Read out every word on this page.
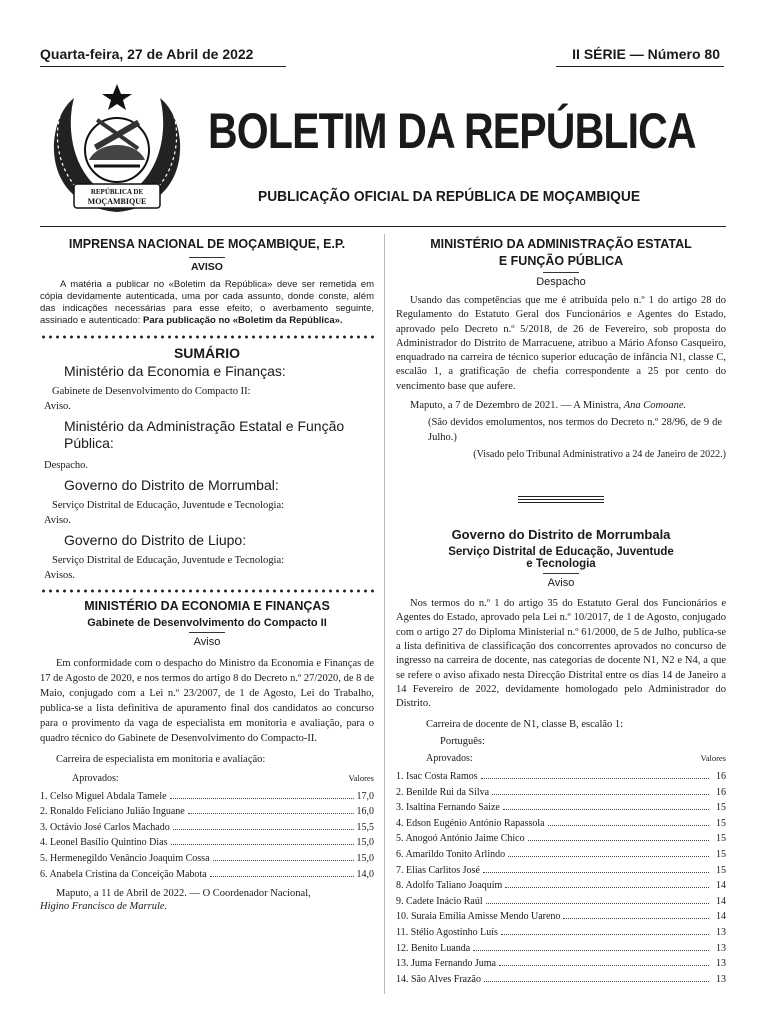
Quarta-feira, 27 de Abril de 2022	II SÉRIE — Número 80
REPÚBLICA DE
MOÇAMBIQUE
BOLETIM DA REPÚBLICA
PUBLICAÇÃO OFICIAL DA REPÚBLICA DE MOÇAMBIQUE
IMPRENSA NACIONAL DE MOÇAMBIQUE, E.P.
AVISO
A matéria a publicar no «Boletim da República» deve ser remetida em cópia devidamente autenticada, uma por cada assunto, donde conste, além das indicações necessárias para esse efeito, o averbamento seguinte, assinado e autenticado: Para publicação no «Boletim da República».
SUMÁRIO
Ministério da Economia e Finanças:
Gabinete de Desenvolvimento do Compacto II:
Aviso.
Ministério da Administração Estatal e Função Pública:
Despacho.
Governo do Distrito de Morrumbal:
Serviço Distrital de Educação, Juventude e Tecnologia:
Aviso.
Governo do Distrito de Liupo:
Serviço Distrital de Educação, Juventude e Tecnologia:
Avisos.
MINISTÉRIO DA ECONOMIA E FINANÇAS
Gabinete de Desenvolvimento do Compacto II
Aviso
Em conformidade com o despacho do Ministro da Economia e Finanças de 17 de Agosto de 2020, e nos termos do artigo 8 do Decreto n.º 27/2020, de 8 de Maio, conjugado com a Lei n.º 23/2007, de 1 de Agosto, Lei do Trabalho, publica-se a lista definitiva de apuramento final dos candidatos ao concurso para o provimento da vaga de especialista em monitoria e avaliação, para o quadro técnico do Gabinete de Desenvolvimento do Compacto-II.
Carreira de especialista em monitoria e avaliação:
Aprovados:	Valores
1. Celso Miguel Abdala Tamele	17,0
2. Ronaldo Feliciano Julião Inguane	16,0
3. Octávio José Carlos Machado	15,5
4. Leonel Basílio Quintino Dias	15,0
5. Hermenegildo Venâncio Joaquim Cossa	15,0
6. Anabela Cristina da Conceição Mabota	14,0
Maputo, a 11 de Abril de 2022. — O Coordenador Nacional,
Higino Francisco de Marrule.
MINISTÉRIO DA ADMINISTRAÇÃO ESTATAL
E FUNÇÃO PÚBLICA
Despacho
Usando das competências que me é atribuída pelo n.º 1 do artigo 28 do Regulamento do Estatuto Geral dos Funcionários e Agentes do Estado, aprovado pelo Decreto n.º 5/2018, de 26 de Fevereiro, sob proposta do Administrador do Distrito de Marracuene, atribuo a Mário Afonso Casqueiro, enquadrado na carreira de técnico superior educação de infância N1, classe C, escalão 1, a gratificação de chefia correspondente a 25 por cento do vencimento base que aufere.
Maputo, a 7 de Dezembro de 2021. — A Ministra, Ana Comoane.
(São devidos emolumentos, nos termos do Decreto n.º 28/96, de 9 de Julho.)
(Visado pelo Tribunal Administrativo a 24 de Janeiro de 2022.)
Governo do Distrito de Morrumbala
Serviço Distrital de Educação, Juventude
e Tecnologia
Aviso
Nos termos do n.º 1 do artigo 35 do Estatuto Geral dos Funcionários e Agentes do Estado, aprovado pela Lei n.º 10/2017, de 1 de Agosto, conjugado com o artigo 27 do Diploma Ministerial n.º 61/2000, de 5 de Julho, publica-se a lista definitiva de classificação dos concorrentes aprovados no concurso de ingresso na carreira de docente, nas categorias de docente N1, N2 e N4, a que se refere o aviso afixado nesta Direcção Distrital entre os dias 14 de Janeiro a 14 Fevereiro de 2022, devidamente homologado pelo Administrador do Distrito.
Carreira de docente de N1, classe B, escalão 1:
Português:
Aprovados:	Valores
1. Isac Costa Ramos	16
2. Benilde Rui da Silva	16
3. Isaltina Fernando Saize	15
4. Edson Eugénio António Rapassola	15
5. Anogoó António Jaime Chico	15
6. Amarildo Tonito Arlindo	15
7. Elias Carlitos José	15
8. Adolfo Taliano Joaquim	14
9. Cadete Inácio Raúl	14
10. Suraia Emília Amisse Mendo Uareno	14
11. Stélio Agostinho Luís	13
12. Benito Luanda	13
13. Juma Fernando Juma	13
14. São Alves Frazão	13
